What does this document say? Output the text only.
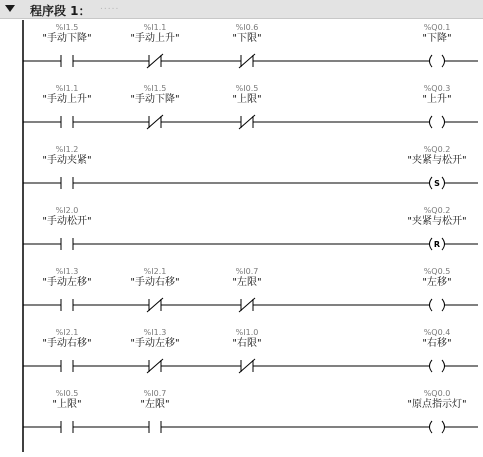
程序段 1： .....
%I1.5
"手动下降"
%I1.1
"手动上升"
%I0.6
"下限"
%Q0.1
"下降"
%I1.1
"手动上升"
%I1.5
"手动下降"
%I0.5
"上限"
%Q0.3
"上升"
%I1.2
"手动夹紧"
%Q0.2
"夹紧与松开"
S
%I2.0
"手动松开"
%Q0.2
"夹紧与松开"
R
%I1.3
"手动左移"
%I2.1
"手动右移"
%I0.7
"左限"
%Q0.5
"左移"
%I2.1
"手动右移"
%I1.3
"手动左移"
%I1.0
"右限"
%Q0.4
"右移"
%I0.5
"上限"
%I0.7
"左限"
%Q0.0
"原点指示灯"
